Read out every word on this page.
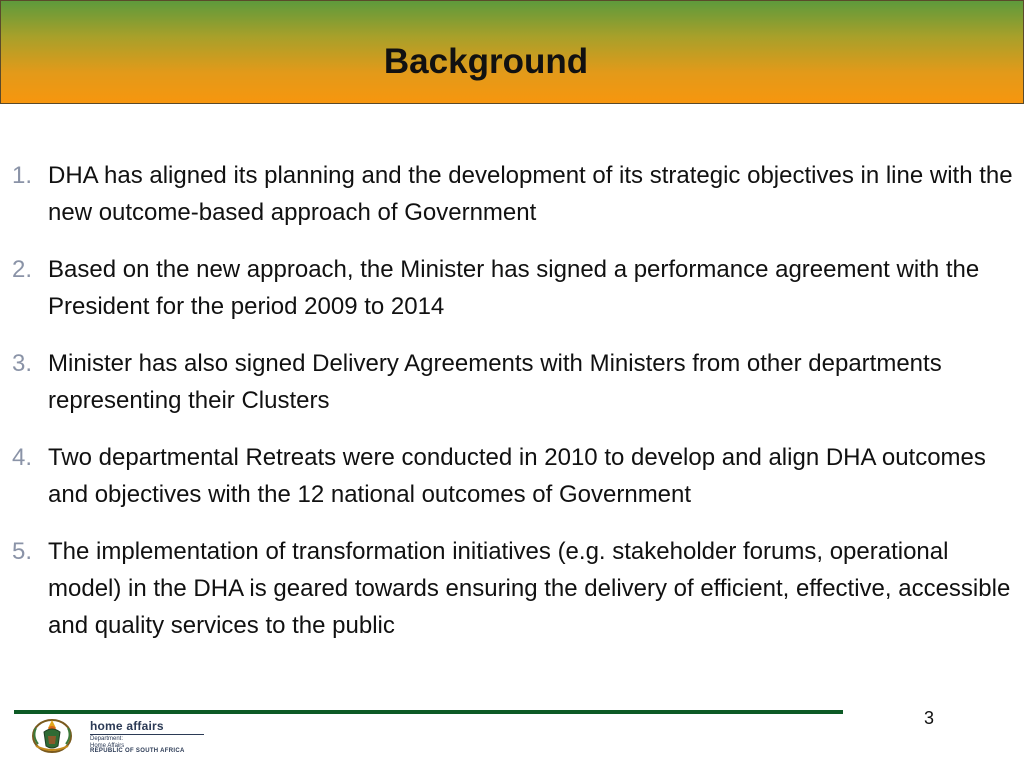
Background
1. DHA has aligned its planning and the development of its strategic objectives in line with the new outcome-based approach of Government
2. Based on the new approach, the Minister has signed a performance agreement with the President for the period 2009 to 2014
3. Minister has also signed Delivery Agreements with Ministers from other departments representing their Clusters
4. Two departmental Retreats were conducted in 2010 to develop and align DHA outcomes and objectives with the 12 national outcomes of Government
5. The implementation of transformation initiatives (e.g. stakeholder forums, operational model) in the DHA is geared towards ensuring the delivery of efficient, effective, accessible and quality services to the public
3
home affairs
Department:
Home Affairs
REPUBLIC OF SOUTH AFRICA
